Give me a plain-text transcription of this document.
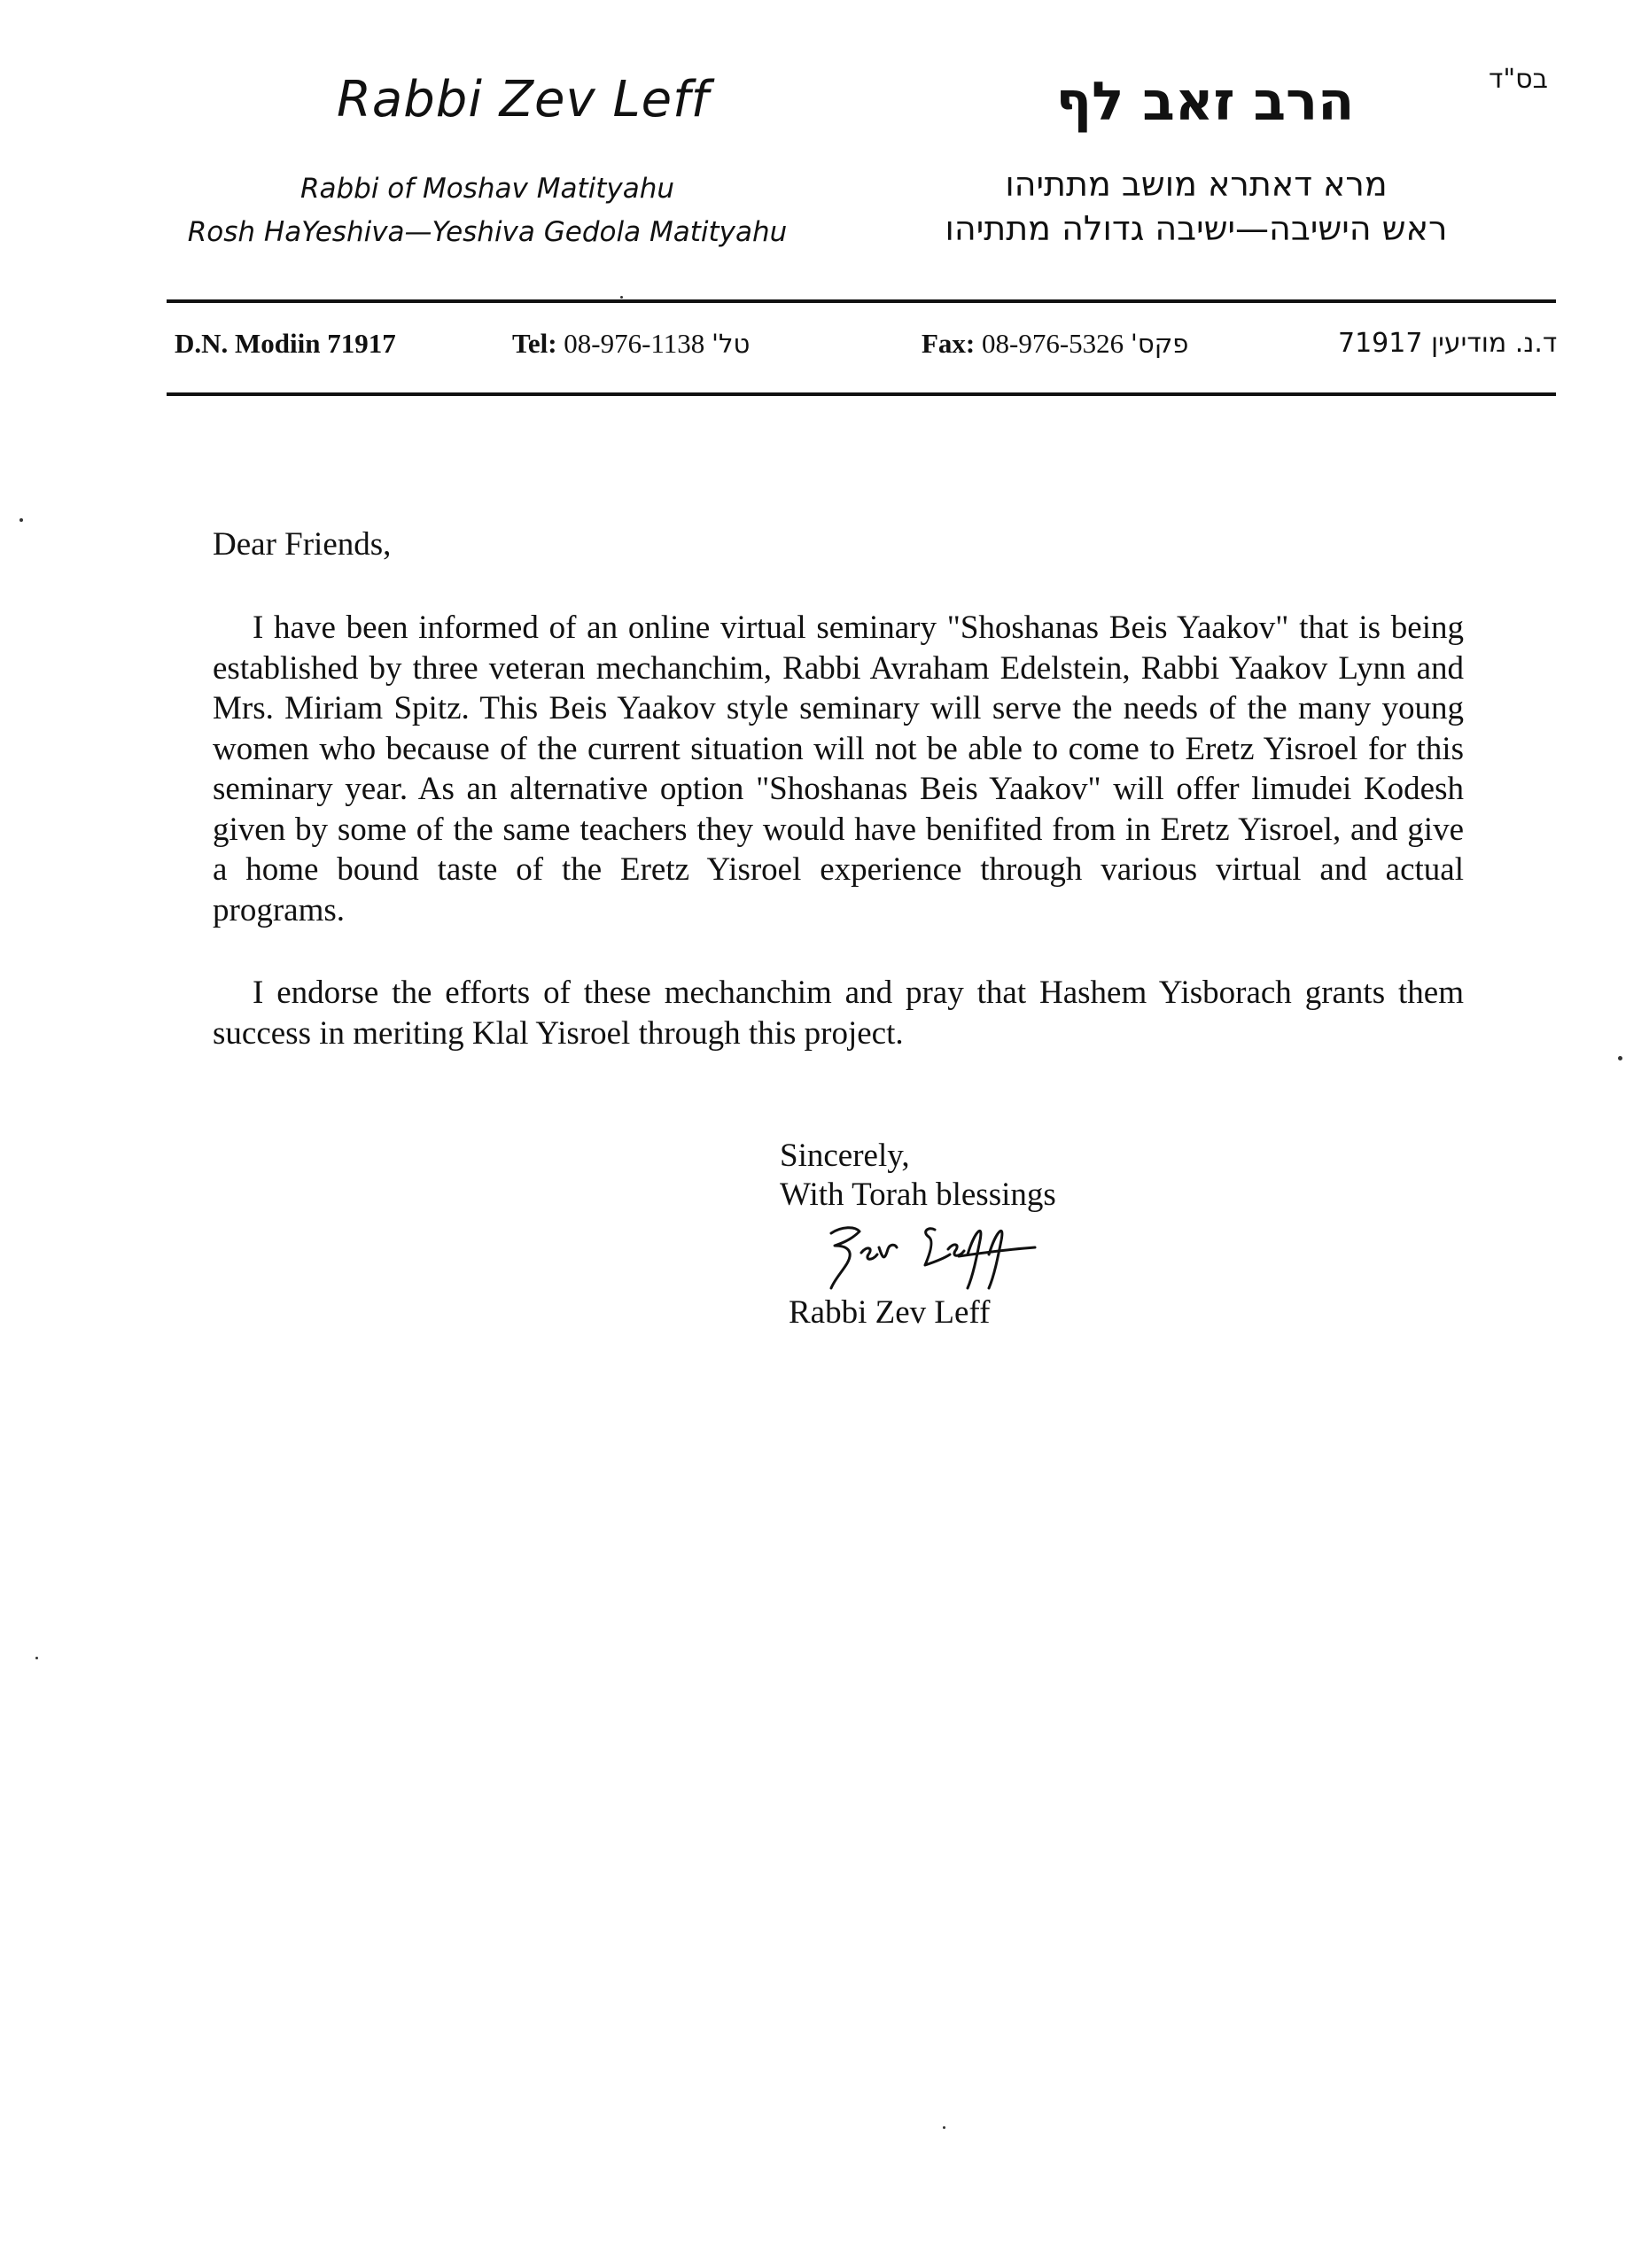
Rabbi Zev Leff
Rabbi of Moshav Matityahu
Rosh HaYeshiva—Yeshiva Gedola Matityahu
הרב זאב לף	בס"ד
מרא דאתרא מושב מתתיהו
ראש הישיבה—ישיבה גדולה מתתיהו
D.N. Modiin 71917	Tel: 08-976-1138 טל'	Fax: 08-976-5326 פקס'	ד.נ. מודיעין 71917
Dear Friends,
I have been informed of an online virtual seminary "Shoshanas Beis Yaakov" that is being established by three veteran mechanchim, Rabbi Avraham Edelstein, Rabbi Yaakov Lynn and Mrs. Miriam Spitz. This Beis Yaakov style seminary will serve the needs of the many young women who because of the current situation will not be able to come to Eretz Yisroel for this seminary year. As an alternative option "Shoshanas Beis Yaakov" will offer limudei Kodesh given by some of the same teachers they would have benifited from in Eretz Yisroel, and give a home bound taste of the Eretz Yisroel experience through various virtual and actual programs.
I endorse the efforts of these mechanchim and pray that Hashem Yisborach grants them success in meriting Klal Yisroel through this project.
Sincerely,
With Torah blessings
Rabbi Zev Leff
